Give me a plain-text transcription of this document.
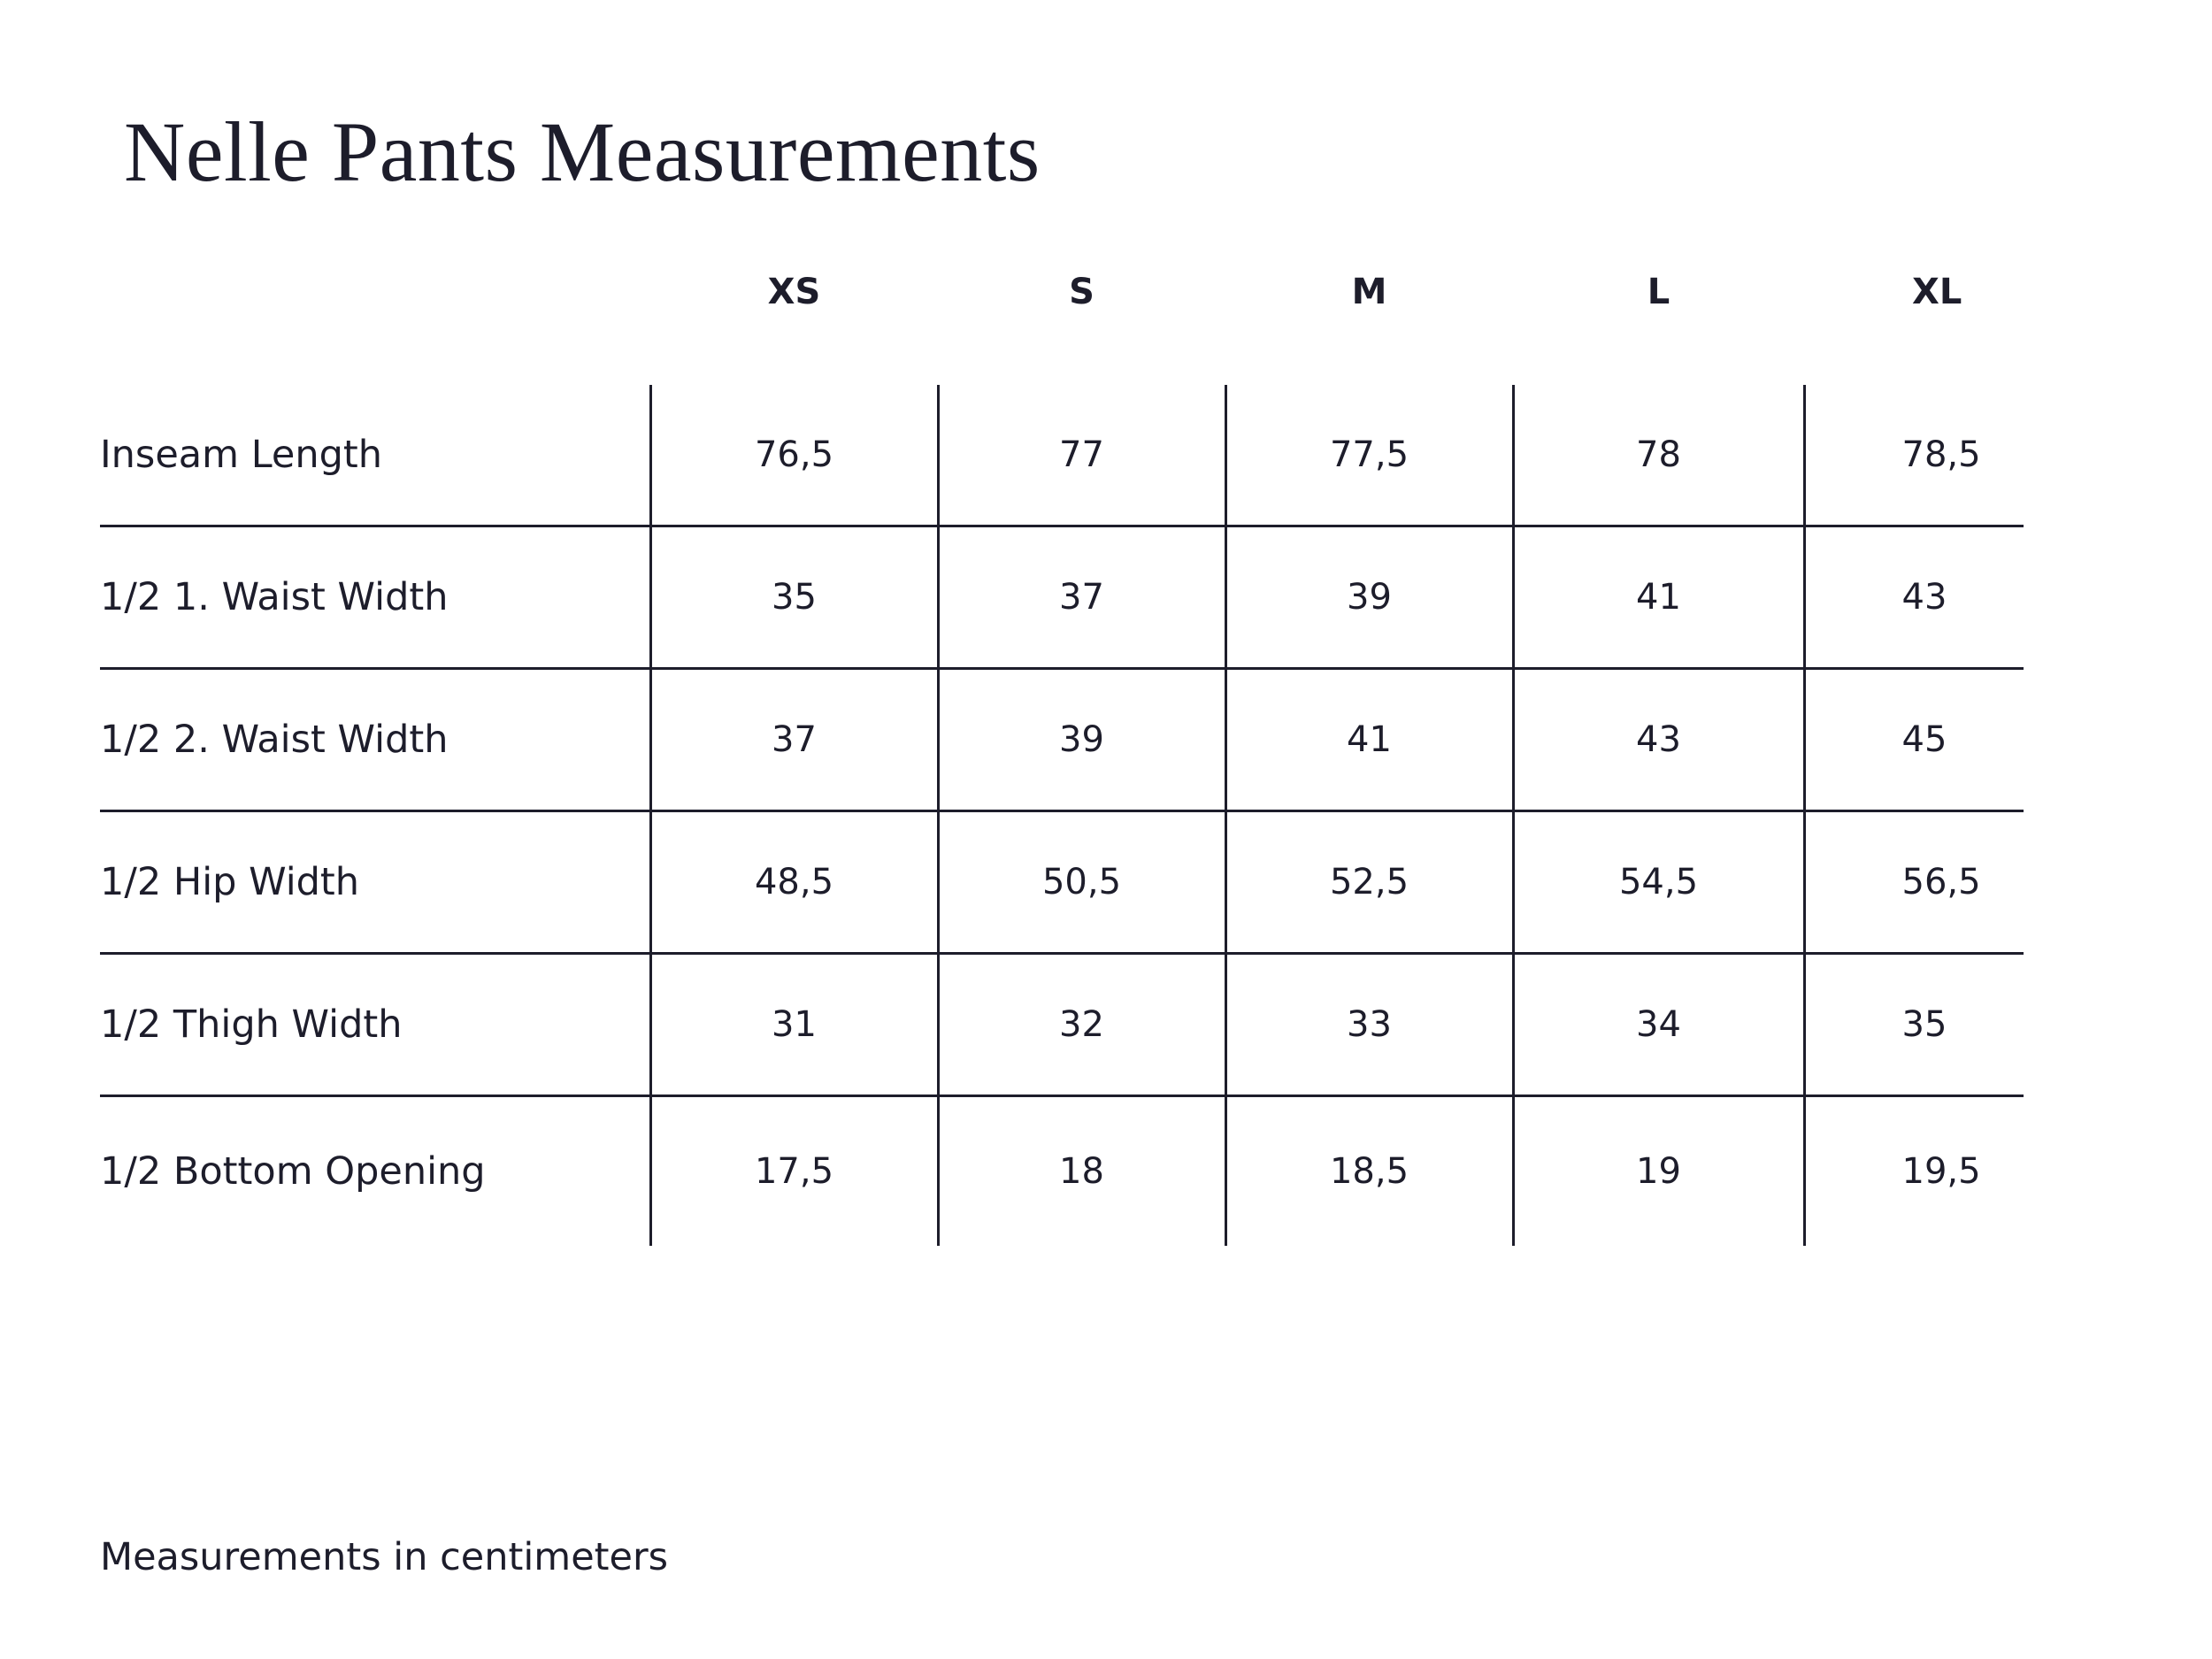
Nelle Pants Measurements
	XS	S	M	L	XL
Inseam Length	76,5	77	77,5	78	78,5
1/2 1. Waist Width	35	37	39	41	43
1/2 2. Waist Width	37	39	41	43	45
1/2 Hip Width	48,5	50,5	52,5	54,5	56,5
1/2 Thigh Width	31	32	33	34	35
1/2 Bottom Opening	17,5	18	18,5	19	19,5

Measurements in centimeters
